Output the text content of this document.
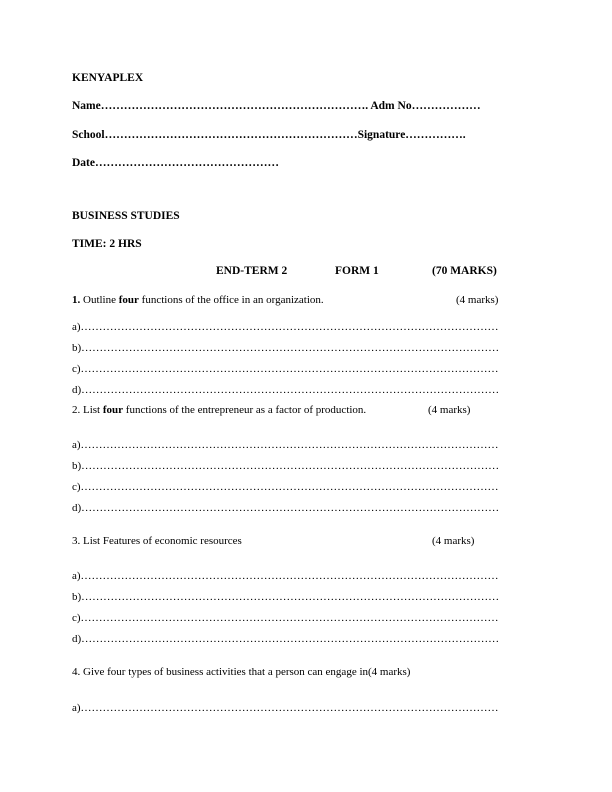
KENYAPLEX
Name……………………………………………………………. Adm No………………
School…………………………………………………………Signature…………….
Date…………………………………………
BUSINESS STUDIES
TIME: 2 HRS
END-TERM 2	FORM 1	(70 MARKS)
1. Outline four functions of the office in an organization.	(4 marks)
a)……………………………………………………………………………………………………
b)……………………………………………………………………………………………………
c)……………………………………………………………………………………………………
d)……………………………………………………………………………………………………
2. List four functions of the entrepreneur as a factor of production.	(4 marks)
a)……………………………………………………………………………………………………
b)……………………………………………………………………………………………………
c)……………………………………………………………………………………………………
d)……………………………………………………………………………………………………
3. List Features of economic resources	(4 marks)
a)……………………………………………………………………………………………………
b)……………………………………………………………………………………………………
c)……………………………………………………………………………………………………
d)……………………………………………………………………………………………………
4. Give four types of business activities that a person can engage in(4 marks)
a)……………………………………………………………………………………………………
